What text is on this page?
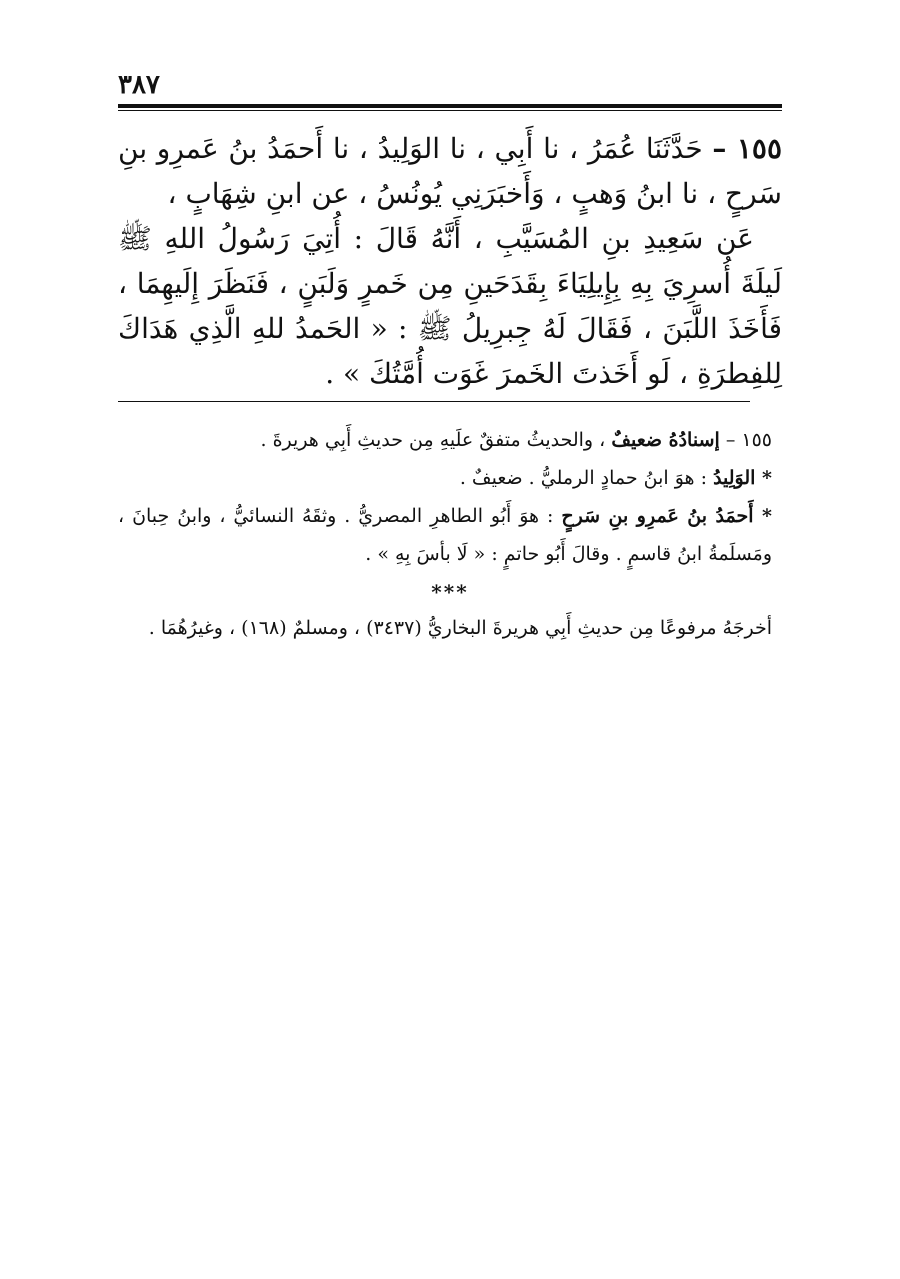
٣٨٧

١٥٥ – حَدَّثَنَا عُمَرُ ، نا أَبِي ، نا الوَلِيدُ ، نا أَحمَدُ بنُ عَمرِو بنِ سَرحٍ ، نا ابنُ وَهبٍ ، وَأَخبَرَنِي يُونُسُ ، عن ابنِ شِهَابٍ ،

عَن سَعِيدِ بنِ المُسَيَّبِ ، أَنَّهُ قَالَ : أُتِيَ رَسُولُ اللهِ ﷺ لَيلَةَ أُسرِيَ بِهِ بِإِيلِيَاءَ بِقَدَحَينِ مِن خَمرٍ وَلَبَنٍ ، فَنَظَرَ إِلَيهِمَا ، فَأَخَذَ اللَّبَنَ ، فَقَالَ لَهُ جِبرِيلُ ﷺ : « الحَمدُ للهِ الَّذِي هَدَاكَ لِلفِطرَةِ ، لَو أَخَذتَ الخَمرَ غَوَت أُمَّتُكَ » .

١٥٥ – إسنادُهُ ضعيفٌ ، والحديثُ متفقٌ علَيهِ مِن حديثِ أَبِي هريرةَ .

* الوَلِيدُ : هوَ ابنُ حمادٍ الرمليُّ . ضعيفٌ .

* أَحمَدُ بنُ عَمرِو بنِ سَرحٍ : هوَ أَبُو الطاهرِ المصريُّ . وثقَهُ النسائيُّ ، وابنُ حِبانَ ، ومَسلَمةُ ابنُ قاسمٍ . وقالَ أَبُو حاتمٍ : « لَا بأسَ بِهِ » .

***

أخرجَهُ مرفوعًا مِن حديثِ أَبِي هريرةَ البخاريُّ (٣٤٣٧) ، ومسلمٌ (١٦٨) ، وغيرُهُمَا .
